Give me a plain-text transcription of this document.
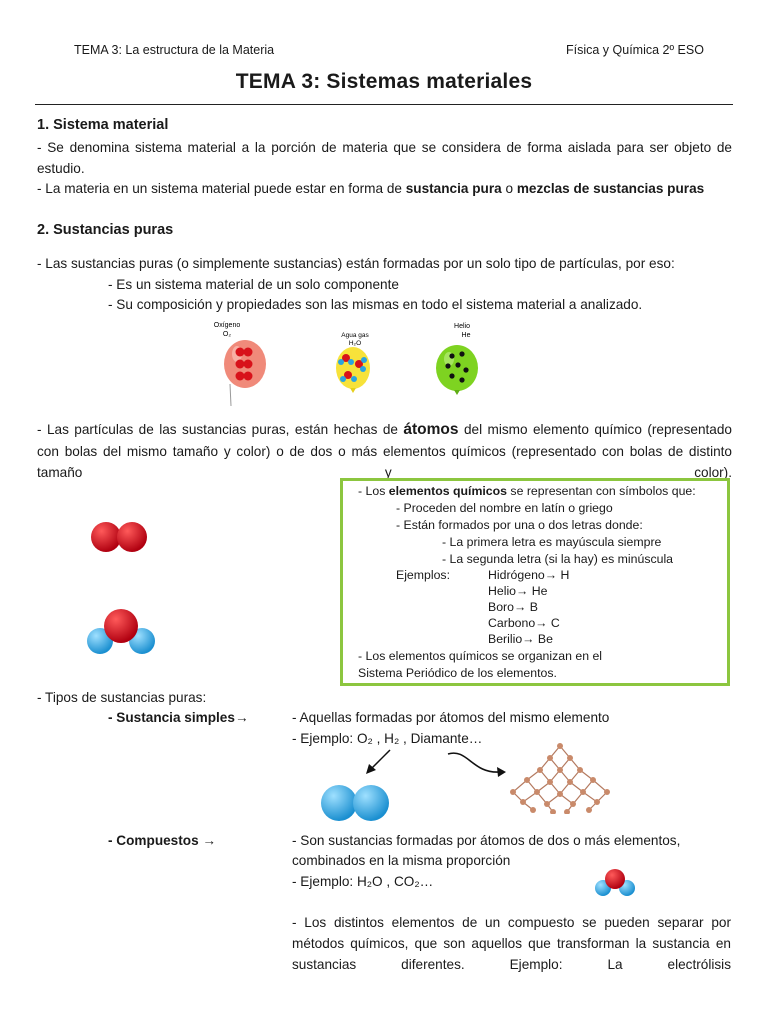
TEMA 3: La estructura de la Materia	Física y Química 2º ESO
TEMA 3: Sistemas materiales
1. Sistema material
- Se denomina sistema material a la porción de materia que se considera de forma aislada para ser objeto de estudio.
- La materia en un sistema material puede estar en forma de sustancia pura o mezclas de sustancias puras
2. Sustancias puras
- Las sustancias puras (o simplemente sustancias) están formadas por un solo tipo de partículas, por eso:
- Es un sistema material de un solo componente
- Su composición y propiedades son las mismas en todo el sistema material a analizado.
Oxígeno
O₂	Agua gas
H₂O
Helio
He
- Las partículas de las sustancias puras, están hechas de átomos del mismo elemento químico (representado con bolas del mismo tamaño y color) o de dos o más elementos químicos (representado con bolas de distinto tamaño y color).
- Los elementos químicos se representan con símbolos que:
- Proceden del nombre en latín o griego
- Están formados por una o dos letras donde:
- La primera letra es mayúscula siempre
- La segunda letra (si la hay) es minúscula
Ejemplos:	Hidrógeno→ H
Helio→ He
Boro→ B
Carbono→ C
Berilio→ Be
- Los elementos químicos se organizan en el
Sistema Periódico de los elementos.
- Tipos de sustancias puras:
- Sustancia simples→	- Aquellas formadas por átomos del mismo elemento
- Ejemplo: O₂ , H₂ , Diamante…
- Compuestos →	- Son sustancias formadas por átomos de dos o más elementos,
combinados en la misma proporción
- Ejemplo: H₂O , CO₂…
- Los distintos elementos de un compuesto se pueden separar por métodos químicos, que son aquellos que transforman la sustancia en sustancias diferentes. Ejemplo: La electrólisis
